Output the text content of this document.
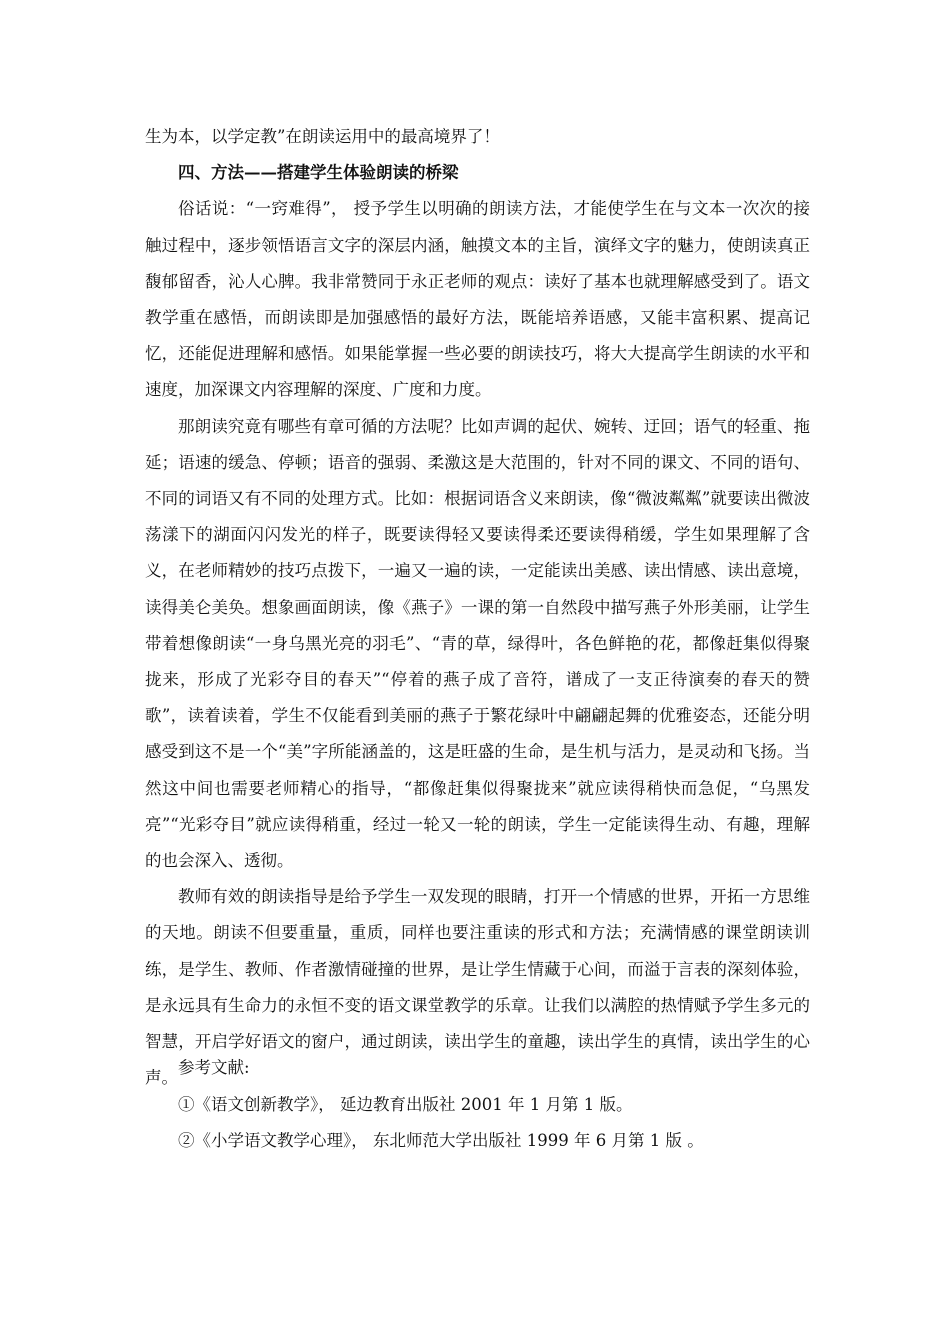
生为本，以学定教”在朗读运用中的最高境界了！

四、方法——搭建学生体验朗读的桥梁

俗话说：“一窍难得”， 授予学生以明确的朗读方法，才能使学生在与文本一次次的接触过程中，逐步领悟语言文字的深层内涵，触摸文本的主旨，演绎文字的魅力，使朗读真正馥郁留香，沁人心脾。我非常赞同于永正老师的观点：读好了基本也就理解感受到了。语文教学重在感悟，而朗读即是加强感悟的最好方法，既能培养语感，又能丰富积累、提高记忆，还能促进理解和感悟。如果能掌握一些必要的朗读技巧，将大大提高学生朗读的水平和速度，加深课文内容理解的深度、广度和力度。

那朗读究竟有哪些有章可循的方法呢？比如声调的起伏、婉转、迂回；语气的轻重、拖延；语速的缓急、停顿；语音的强弱、柔激这是大范围的，针对不同的课文、不同的语句、不同的词语又有不同的处理方式。比如：根据词语含义来朗读，像“微波粼粼”就要读出微波荡漾下的湖面闪闪发光的样子，既要读得轻又要读得柔还要读得稍缓，学生如果理解了含义，在老师精妙的技巧点拨下，一遍又一遍的读，一定能读出美感、读出情感、读出意境，读得美仑美奂。想象画面朗读，像《燕子》一课的第一自然段中描写燕子外形美丽，让学生带着想像朗读“一身乌黑光亮的羽毛”、“青的草，绿得叶，各色鲜艳的花，都像赶集似得聚拢来，形成了光彩夺目的春天”“停着的燕子成了音符，谱成了一支正待演奏的春天的赞歌”，读着读着，学生不仅能看到美丽的燕子于繁花绿叶中翩翩起舞的优雅姿态，还能分明感受到这不是一个“美”字所能涵盖的，这是旺盛的生命，是生机与活力，是灵动和飞扬。当然这中间也需要老师精心的指导，“都像赶集似得聚拢来”就应读得稍快而急促，“乌黑发亮”“光彩夺目”就应读得稍重，经过一轮又一轮的朗读，学生一定能读得生动、有趣，理解的也会深入、透彻。

教师有效的朗读指导是给予学生一双发现的眼睛，打开一个情感的世界，开拓一方思维的天地。朗读不但要重量，重质，同样也要注重读的形式和方法；充满情感的课堂朗读训练，是学生、教师、作者激情碰撞的世界，是让学生情藏于心间，而溢于言表的深刻体验，是永远具有生命力的永恒不变的语文课堂教学的乐章。让我们以满腔的热情赋予学生多元的智慧，开启学好语文的窗户，通过朗读，读出学生的童趣，读出学生的真情，读出学生的心声。

参考文献:

①《语文创新教学》， 延边教育出版社 2001 年 1 月第 1 版。

②《小学语文教学心理》， 东北师范大学出版社 1999 年 6 月第 1 版 。
